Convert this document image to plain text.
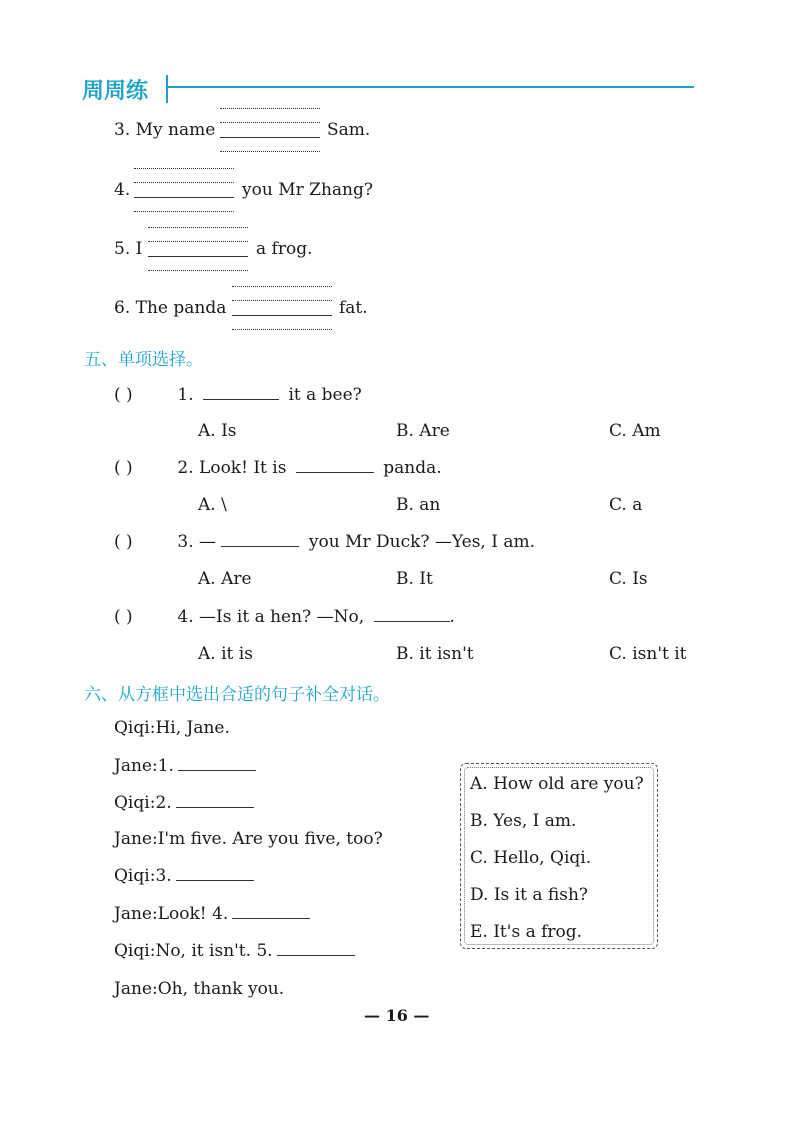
周周练
3. My name	Sam.
4.	you Mr Zhang?
5. I	a frog.
6. The panda	fat.
五、单项选择。
( )	1.	it a bee?
A. Is	B. Are	C. Am
( )	2. Look! It is	panda.
A. \	B. an	C. a
( )	3. —	you Mr Duck? —Yes, I am.
A. Are	B. It	C. Is
( )	4. —Is it a hen? —No,	.
A. it is	B. it isn't	C. isn't it
六、从方框中选出合适的句子补全对话。
Qiqi:Hi, Jane.
Jane:1.
Qiqi:2.
Jane:I'm five. Are you five, too?
Qiqi:3.
Jane:Look! 4.
Qiqi:No, it isn't. 5.
Jane:Oh, thank you.
A. How old are you?
B. Yes, I am.
C. Hello, Qiqi.
D. Is it a fish?
E. It's a frog.
— 16 —
